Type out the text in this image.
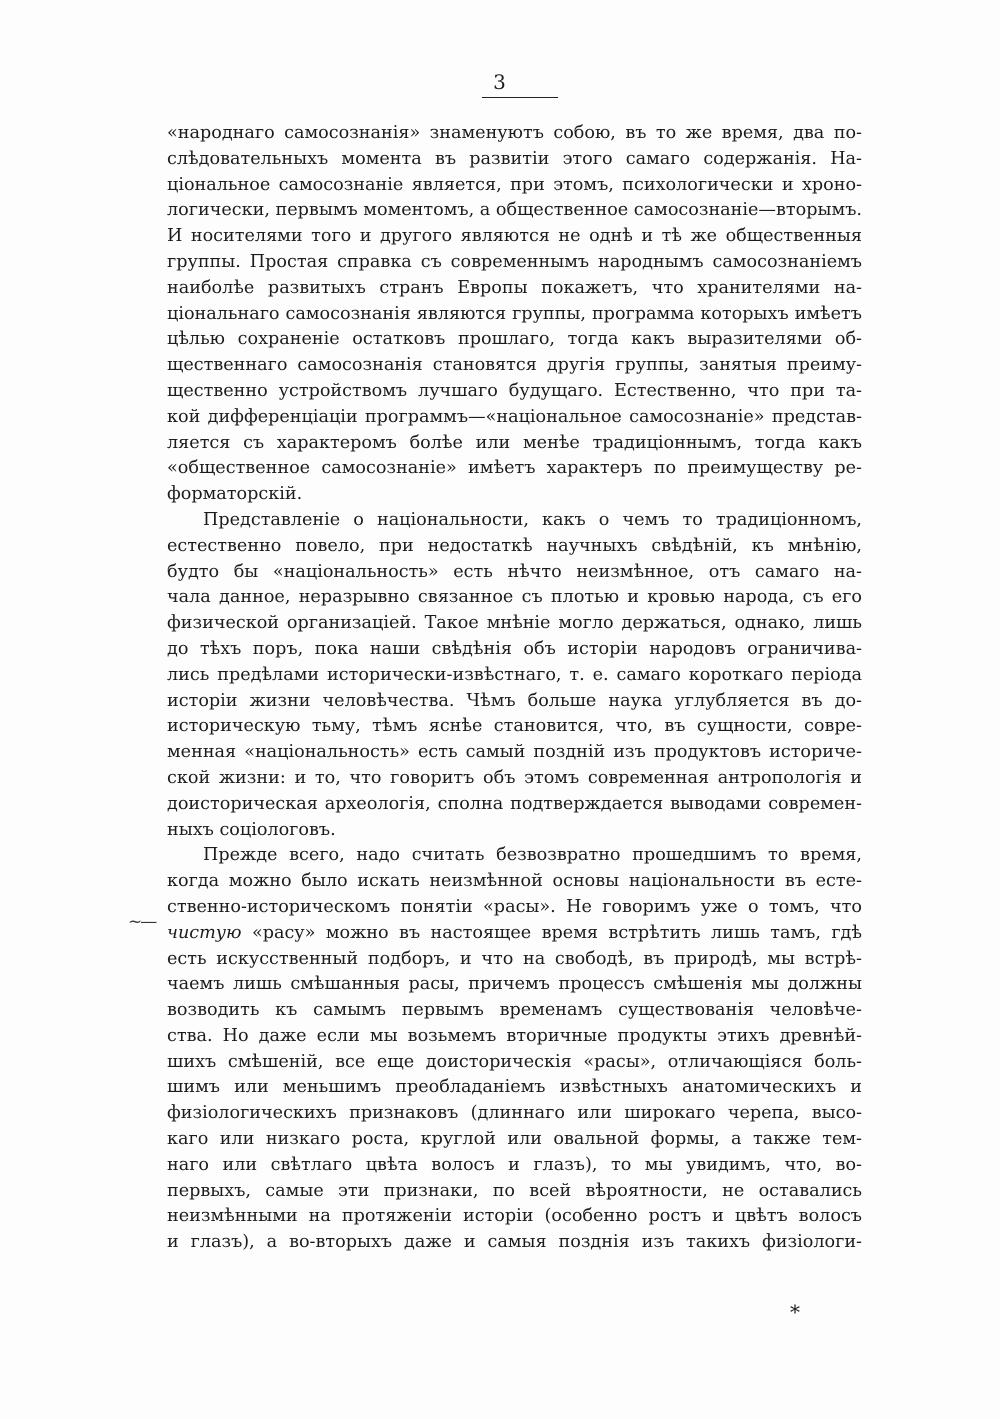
3
~—
«народнаго самосознанія» знаменуютъ собою, въ то же время, два по-
слѣдовательныхъ момента въ развитіи этого самаго содержанія. На-
ціональное самосознаніе является, при этомъ, психологически и хроно-
логически, первымъ моментомъ, а общественное самосознаніе—вторымъ.
И носителями того и другого являются не однѣ и тѣ же общественныя
группы. Простая справка съ современнымъ народнымъ самосознаніемъ
наиболѣе развитыхъ странъ Европы покажетъ, что хранителями на-
ціональнаго самосознанія являются группы, программа которыхъ имѣетъ
цѣлью сохраненіе остатковъ прошлаго, тогда какъ выразителями об-
щественнаго самосознанія становятся другія группы, занятыя преиму-
щественно устройствомъ лучшаго будущаго. Естественно, что при та-
кой дифференціаціи программъ—«національное самосознаніе» представ-
ляется съ характеромъ болѣе или менѣе традиціоннымъ, тогда какъ
«общественное самосознаніе» имѣетъ характеръ по преимуществу ре-
форматорскій.
Представленіе о національности, какъ о чемъ то традиціонномъ,
естественно повело, при недостаткѣ научныхъ свѣдѣній, къ мнѣнію,
будто бы «національность» есть нѣчто неизмѣнное, отъ самаго на-
чала данное, неразрывно связанное съ плотью и кровью народа, съ его
физической организаціей. Такое мнѣніе могло держаться, однако, лишь
до тѣхъ поръ, пока наши свѣдѣнія объ исторіи народовъ ограничива-
лись предѣлами исторически-извѣстнаго, т. е. самаго короткаго періода
исторіи жизни человѣчества. Чѣмъ больше наука углубляется въ до-
историческую тьму, тѣмъ яснѣе становится, что, въ сущности, совре-
менная «національность» есть самый поздній изъ продуктовъ историче-
ской жизни: и то, что говоритъ объ этомъ современная антропологія и
доисторическая археологія, сполна подтверждается выводами современ-
ныхъ соціологовъ.
Прежде всего, надо считать безвозвратно прошедшимъ то время,
когда можно было искать неизмѣнной основы національности въ есте-
ственно-историческомъ понятіи «расы». Не говоримъ уже о томъ, что
чистую «расу» можно въ настоящее время встрѣтить лишь тамъ, гдѣ
есть искусственный подборъ, и что на свободѣ, въ природѣ, мы встрѣ-
чаемъ лишь смѣшанныя расы, причемъ процессъ смѣшенія мы должны
возводить къ самымъ первымъ временамъ существованія человѣче-
ства. Но даже если мы возьмемъ вторичные продукты этихъ древнѣй-
шихъ смѣшеній, все еще доисторическія «расы», отличающіяся боль-
шимъ или меньшимъ преобладаніемъ извѣстныхъ анатомическихъ и
физіологическихъ признаковъ (длиннаго или широкаго черепа, высо-
каго или низкаго роста, круглой или овальной формы, а также тем-
наго или свѣтлаго цвѣта волосъ и глазъ), то мы увидимъ, что, во-
первыхъ, самые эти признаки, по всей вѣроятности, не оставались
неизмѣнными на протяженіи исторіи (особенно ростъ и цвѣтъ волосъ
и глазъ), а во-вторыхъ даже и самыя позднія изъ такихъ физіологи-
*
